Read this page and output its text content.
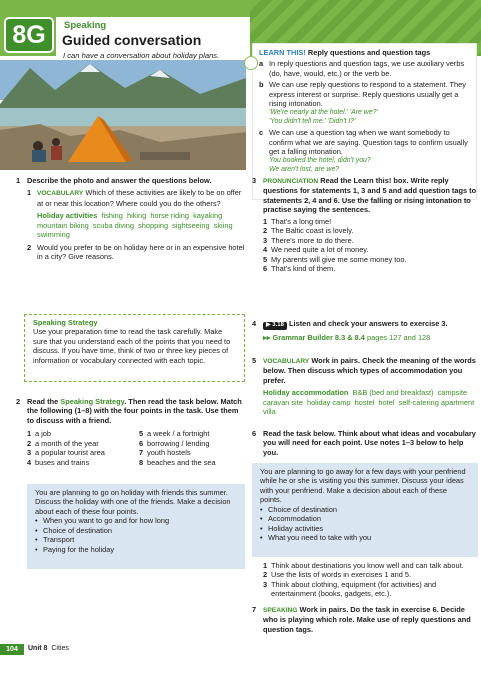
8G	Speaking
Guided conversation
I can have a conversation about holiday plans.	LEARN THIS! Reply questions and question tags
a In reply questions and question tags, we use auxiliary verbs (do, have, would, etc.) or the verb be.
b We can use reply questions to respond to a statement. They express interest or surprise. Reply questions usually get a rising intonation.
'We're nearly at the hotel.' 'Are we?'
'You didn't tell me.' 'Didn't I?'
c We can use a question tag when we want somebody to confirm what we are saying. Question tags to confirm usually get a falling intonation.
You booked the hotel, didn't you?
We aren't lost, are we?
1 Describe the photo and answer the questions below.
1 VOCABULARY Which of these activities are likely to be on offer at or near this location? Where could you do the others?
Holiday activities fishing  hiking  horse riding  kayaking  mountain biking  scuba diving  shopping  sightseeing  skiing  swimming
2 Would you prefer to be on holiday here or in an expensive hotel in a city? Give reasons.
Speaking Strategy
Use your preparation time to read the task carefully. Make sure that you understand each of the points that you need to discuss. If you have time, think of two or three key pieces of information or vocabulary connected with each topic.
2 Read the Speaking Strategy. Then read the task below. Match the following (1–8) with the four points in the task. Use them to discuss with a friend.
1 a job
2 a month of the year
3 a popular tourist area
4 buses and trains
5 a week / a fortnight
6 borrowing / lending
7 youth hostels
8 beaches and the sea
You are planning to go on holiday with friends this summer. Discuss the holiday with one of the friends. Make a decision about each of these four points.
• When you want to go and for how long
• Choice of destination
• Transport
• Paying for the holiday
3 PRONUNCIATION Read the Learn this! box. Write reply questions for statements 1, 3 and 5 and add question tags to statements 2, 4 and 6. Use the falling or rising intonation to practise saying the sentences.
1 That's a long time!
2 The Baltic coast is lovely.
3 There's more to do there.
4 We need quite a lot of money.
5 My parents will give me some money too.
6 That's kind of them.
4	▶ 3.18 Listen and check your answers to exercise 3.
▸▸ Grammar Builder 8.3 & 8.4 pages 127 and 128
5 VOCABULARY Work in pairs. Check the meaning of the words below. Then discuss which types of accommodation you prefer.
Holiday accommodation B&B (bed and breakfast)  campsite  caravan site  holiday camp  hostel  hotel  self-catering apartment  villa
6 Read the task below. Think about what ideas and vocabulary you will need for each point. Use notes 1–3 below to help you.
You are planning to go away for a few days with your penfriend while he or she is visiting you this summer. Discuss your ideas with your penfriend. Make a decision about each of these points.
• Choice of destination
• Accommodation
• Holiday activities
• What you need to take with you
1 Think about destinations you know well and can talk about.
2 Use the lists of words in exercises 1 and 5.
3 Think about clothing, equipment (for activities) and entertainment (books, gadgets, etc.).
7 SPEAKING Work in pairs. Do the task in exercise 6. Decide who is playing which role. Make use of reply questions and question tags.
104	Unit 8 Cities
